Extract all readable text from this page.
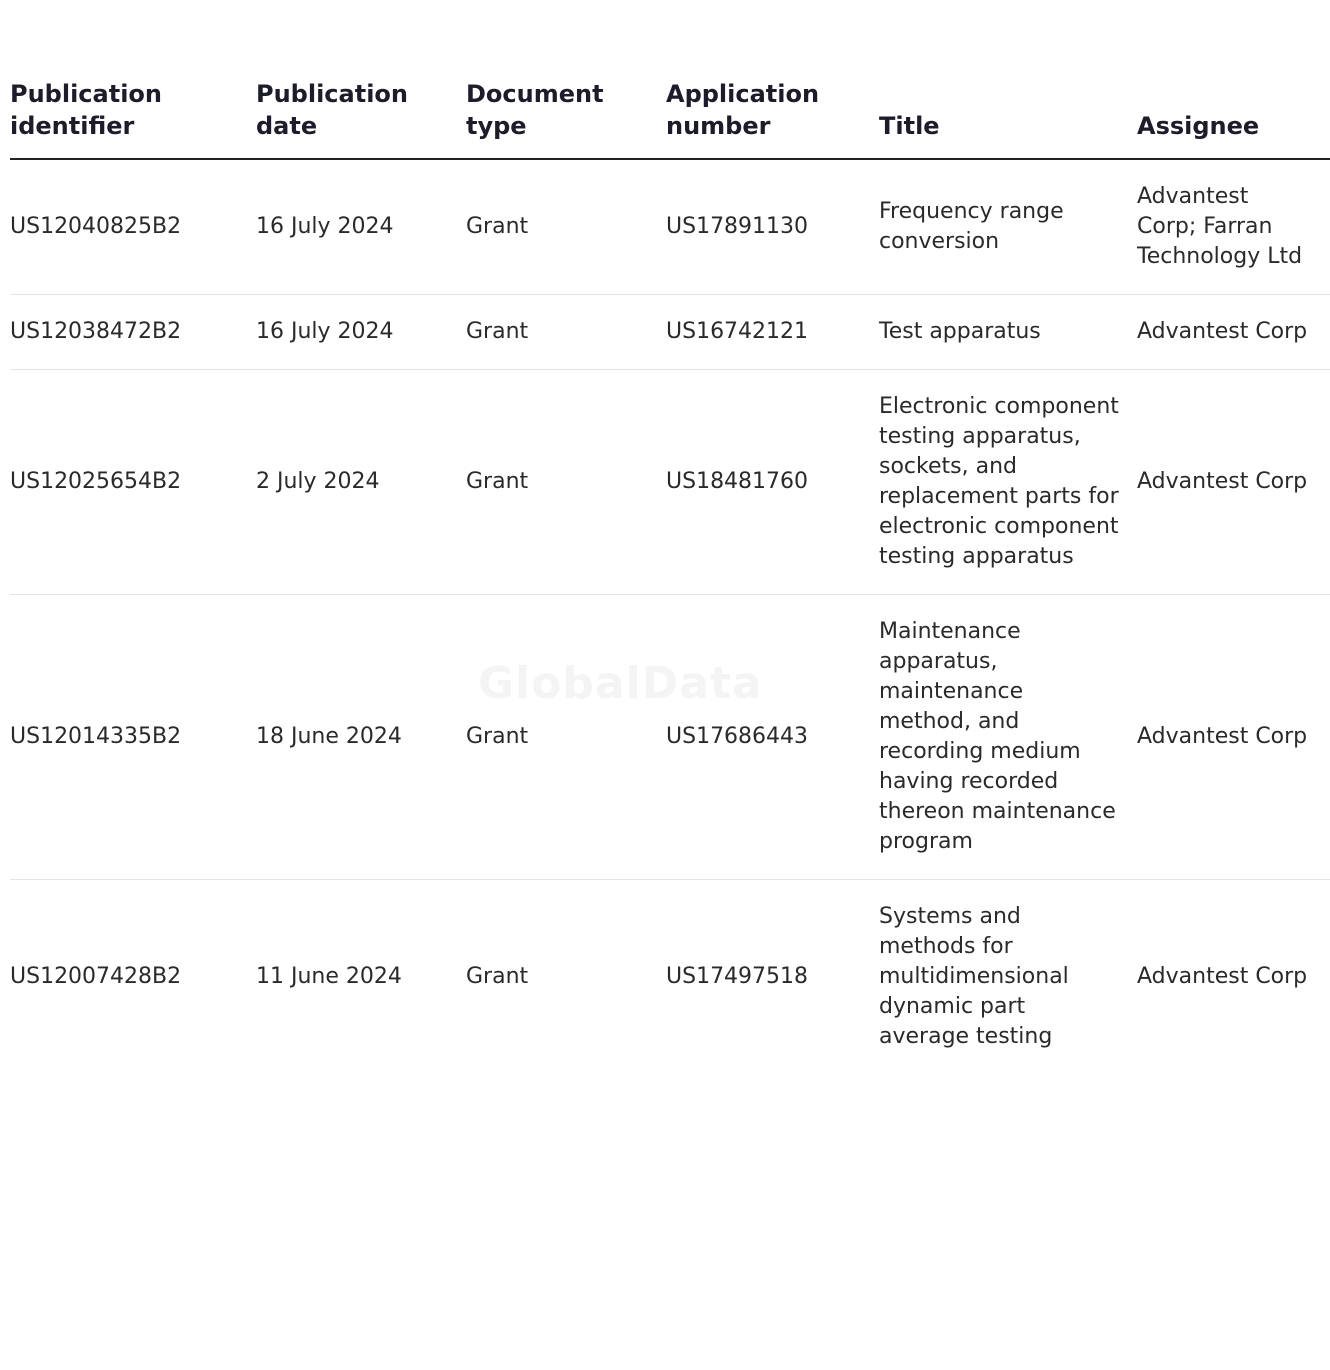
Publication identifier	Publication date	Document type	Application number	Title	Assignee
US12040825B2	16 July 2024	Grant	US17891130	Frequency range conversion	Advantest Corp; Farran Technology Ltd
US12038472B2	16 July 2024	Grant	US16742121	Test apparatus	Advantest Corp
US12025654B2	2 July 2024	Grant	US18481760	Electronic component testing apparatus, sockets, and replacement parts for electronic component testing apparatus	Advantest Corp
US12014335B2	18 June 2024	Grant	US17686443	Maintenance apparatus, maintenance method, and recording medium having recorded thereon maintenance program	Advantest Corp
US12007428B2	11 June 2024	Grant	US17497518	Systems and methods for multidimensional dynamic part average testing	Advantest Corp
GlobalData
